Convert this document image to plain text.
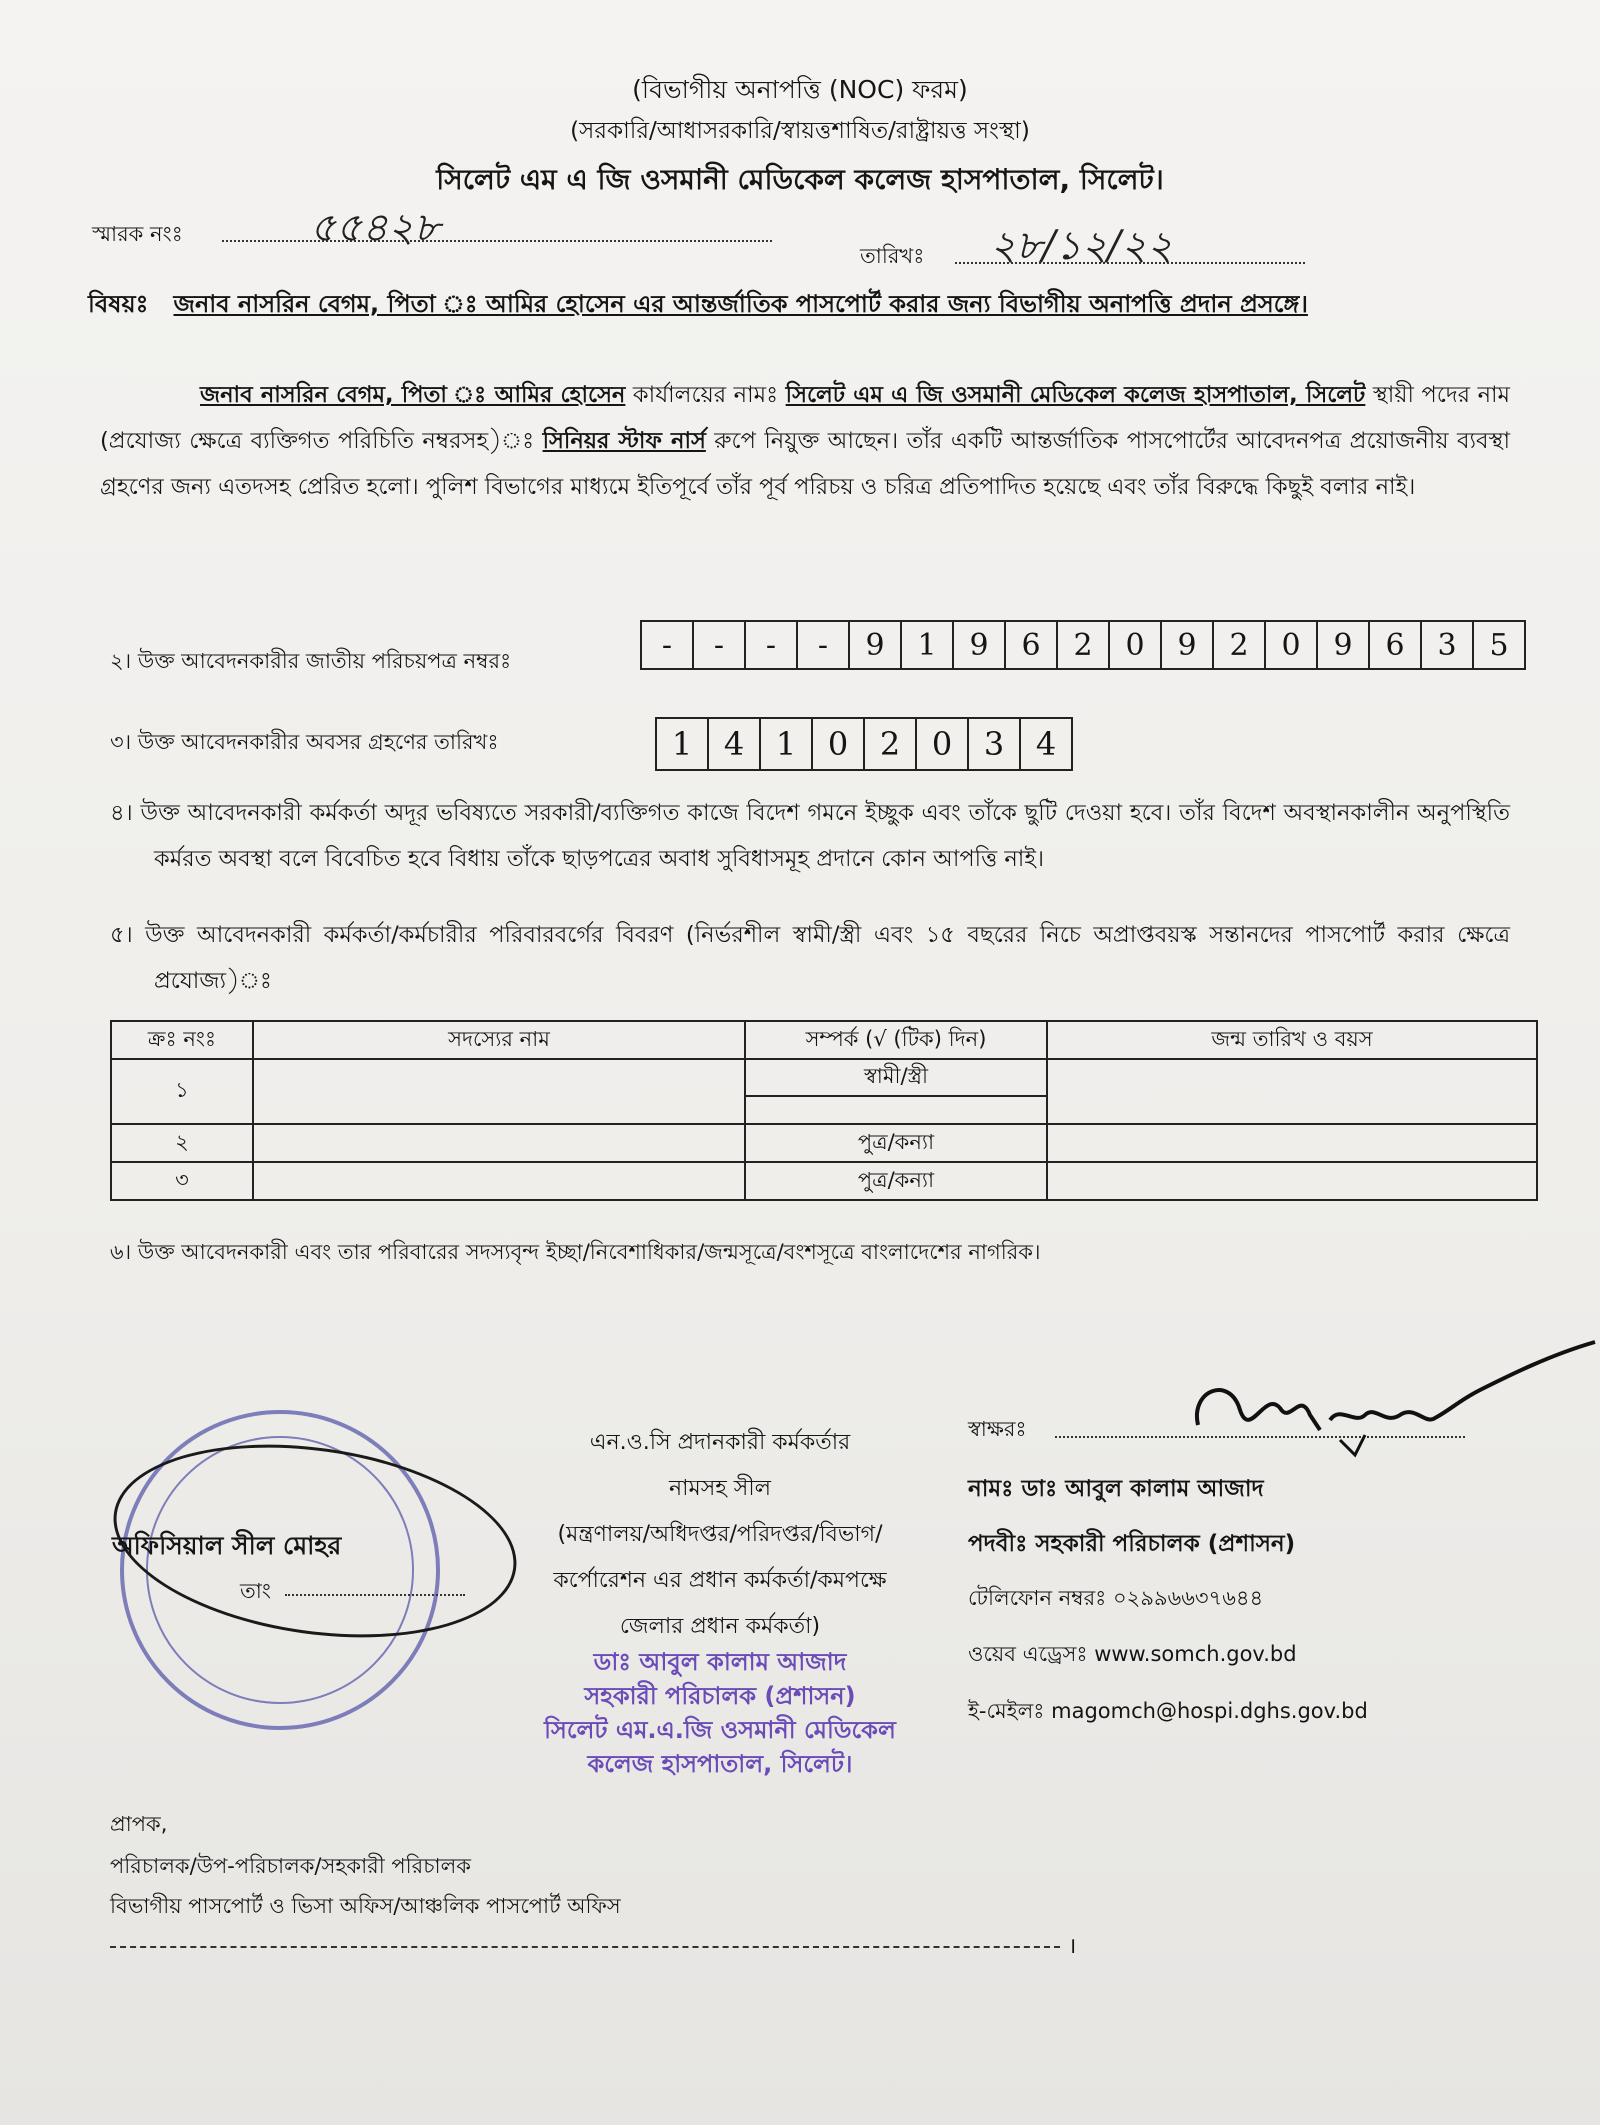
(বিভাগীয় অনাপত্তি (NOC) ফরম)
(সরকারি/আধাসরকারি/স্বায়ত্তশাষিত/রাষ্ট্রায়ত্ত সংস্থা)
সিলেট এম এ জি ওসমানী মেডিকেল কলেজ হাসপাতাল, সিলেট।
স্মারক নংঃ	৫৫৪২৮
তারিখঃ ২৮/১২/২২
বিষয়ঃ জনাব নাসরিন বেগম, পিতা ঃ আমির হোসেন এর আন্তর্জাতিক পাসপোর্ট করার জন্য বিভাগীয় অনাপত্তি প্রদান প্রসঙ্গে।
জনাব নাসরিন বেগম, পিতা ঃ আমির হোসেন কার্যালয়ের নামঃ সিলেট এম এ জি ওসমানী মেডিকেল কলেজ হাসপাতাল, সিলেট স্থায়ী পদের নাম (প্রযোজ্য ক্ষেত্রে ব্যক্তিগত পরিচিতি নম্বরসহ)ঃ সিনিয়র স্টাফ নার্স রুপে নিয়ুক্ত আছেন। তাঁর একটি আন্তর্জাতিক পাসপোর্টের আবেদনপত্র প্রয়োজনীয় ব্যবস্থা গ্রহণের জন্য এতদসহ প্রেরিত হলো। পুলিশ বিভাগের মাধ্যমে ইতিপূর্বে তাঁর পূর্ব পরিচয় ও চরিত্র প্রতিপাদিত হয়েছে এবং তাঁর বিরুদ্ধে কিছুই বলার নাই।
২। উক্ত আবেদনকারীর জাতীয় পরিচয়পত্র নম্বরঃ	-	-	-	-	9	1	9	6	2	0	9	2	0	9	6	3	5
৩। উক্ত আবেদনকারীর অবসর গ্রহণের তারিখঃ	1 4 1 0 2 0 3 4
৪। উক্ত আবেদনকারী কর্মকর্তা অদূর ভবিষ্যতে সরকারী/ব্যক্তিগত কাজে বিদেশ গমনে ইচ্ছুক এবং তাঁকে ছুটি দেওয়া হবে। তাঁর বিদেশ অবস্থানকালীন অনুপস্থিতি কর্মরত অবস্থা বলে বিবেচিত হবে বিধায় তাঁকে ছাড়পত্রের অবাধ সুবিধাসমূহ প্রদানে কোন আপত্তি নাই।
৫। উক্ত আবেদনকারী কর্মকর্তা/কর্মচারীর পরিবারবর্গের বিবরণ (নির্ভরশীল স্বামী/স্ত্রী এবং ১৫ বছরের নিচে অপ্রাপ্তবয়স্ক সন্তানদের পাসপোর্ট করার ক্ষেত্রে প্রযোজ্য)ঃ
ক্রঃ নংঃ	সদস্যের নাম	সম্পর্ক (√ (টিক) দিন)	জন্ম তারিখ ও বয়স
১		স্বামী/স্ত্রী	

২		পুত্র/কন্যা	
৩		পুত্র/কন্যা	
৬। উক্ত আবেদনকারী এবং তার পরিবারের সদস্যবৃন্দ ইচ্ছা/নিবেশাধিকার/জন্মসূত্রে/বংশসূত্রে বাংলাদেশের নাগরিক।
অফিসিয়াল সীল মোহর
তাং
এন.ও.সি প্রদানকারী কর্মকর্তার
নামসহ সীল
(মন্ত্রণালয়/অধিদপ্তর/পরিদপ্তর/বিভাগ/
কর্পোরেশন এর প্রধান কর্মকর্তা/কমপক্ষে
জেলার প্রধান কর্মকর্তা)
ডাঃ আবুল কালাম আজাদ
সহকারী পরিচালক (প্রশাসন)
সিলেট এম.এ.জি ওসমানী মেডিকেল
কলেজ হাসপাতাল, সিলেট।
স্বাক্ষরঃ
নামঃ ডাঃ আবুল কালাম আজাদ
পদবীঃ সহকারী পরিচালক (প্রশাসন)
টেলিফোন নম্বরঃ ০২৯৯৬৬৩৭৬৪৪
ওয়েব এড্রেসঃ www.somch.gov.bd
ই-মেইলঃ magomch@hospi.dghs.gov.bd
প্রাপক,
পরিচালক/উপ-পরিচালক/সহকারী পরিচালক
বিভাগীয় পাসপোর্ট ও ভিসা অফিস/আঞ্চলিক পাসপোর্ট অফিস
।
